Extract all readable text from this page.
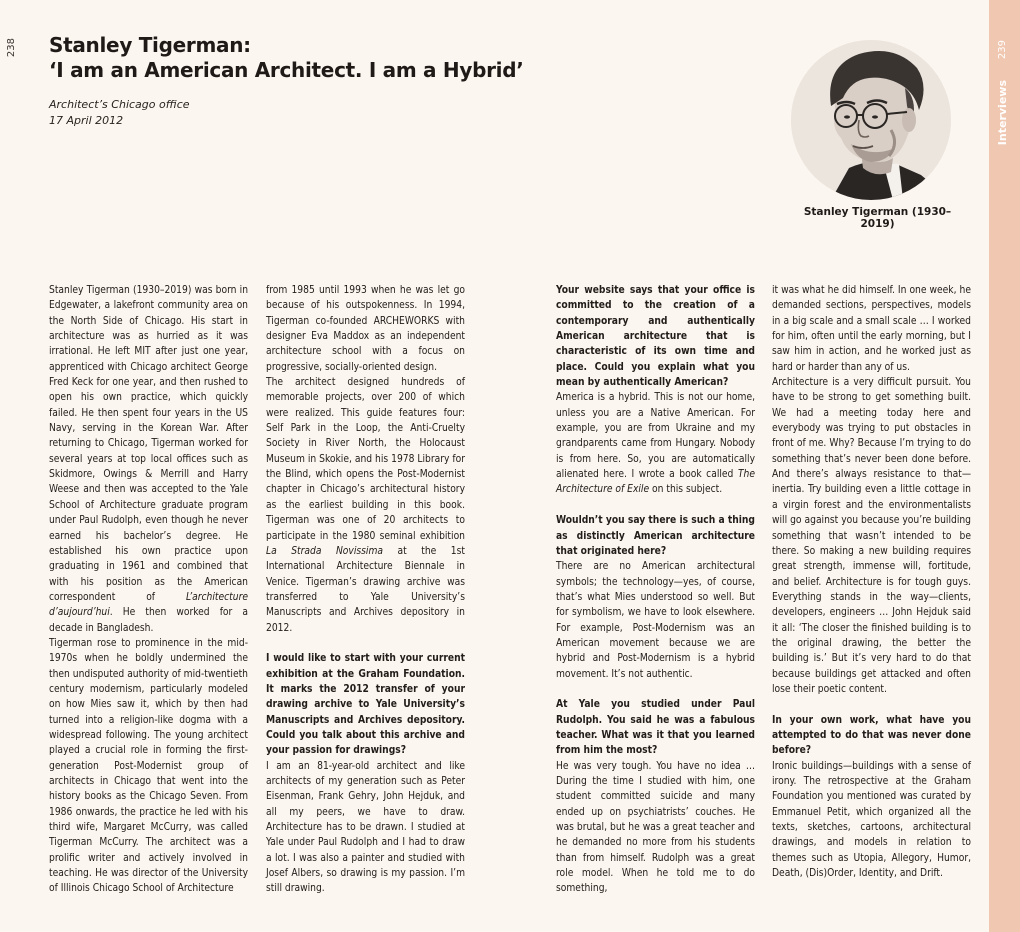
238	239
Interviews
Stanley Tigerman:
‘I am an American Architect. I am a Hybrid’
Architect’s Chicago office
17 April 2012
Stanley Tigerman (1930–2019)

Stanley Tigerman (1930–2019) was born in Edgewater, a lakefront community area on the North Side of Chicago. His start in architecture was as hurried as it was irrational. He left MIT after just one year, apprenticed with Chicago architect George Fred Keck for one year, and then rushed to open his own practice, which quickly failed. He then spent four years in the US Navy, serving in the Korean War. After returning to Chicago, Tigerman worked for several years at top local offices such as Skidmore, Owings & Merrill and Harry Weese and then was accepted to the Yale School of Architecture graduate program under Paul Rudolph, even though he never earned his bachelor’s degree. He established his own practice upon graduating in 1961 and combined that with his position as the American correspondent of	L’architecture d’aujourd’hui. He then worked for a decade in Bangladesh.

Tigerman rose to prominence in the mid-1970s when he boldly undermined the then undisputed authority of mid-twentieth century modernism, particularly modeled on how Mies saw it, which by then had turned into a religion-like dogma with a widespread following. The young architect played a crucial role in forming the first-generation Post-Modernist group of architects in Chicago that went into the history books as the Chicago Seven. From 1986 onwards, the practice he led with his third wife, Margaret McCurry, was called Tigerman McCurry. The architect was a prolific writer and actively involved in teaching. He was director of the University of Illinois Chicago School of Architecture

from 1985 until 1993 when he was let go because of his outspokenness. In 1994, Tigerman co-founded ARCHEWORKS with designer Eva Maddox as an independent architecture school with a focus on progressive, socially-oriented design.

The architect designed hundreds of memorable projects, over 200 of which were realized. This guide features four: Self Park in the Loop, the Anti-Cruelty Society in River North, the Holocaust Museum in Skokie, and his 1978 Library for the Blind, which opens the Post-Modernist chapter in Chicago’s architectural history as the earliest building in this book. Tigerman was one of 20 architects to participate in the 1980 seminal exhibition La Strada Novissima at the 1st International Architecture Biennale in Venice. Tigerman’s drawing archive was transferred to Yale University’s Manuscripts and Archives depository in 2012.

I would like to start with your current exhibition at the Graham Foundation. It marks the 2012 transfer of your drawing archive to Yale University’s Manuscripts and Archives depository. Could you talk about this archive and your passion for drawings?

I am an 81-year-old architect and like architects of my generation such as Peter Eisenman, Frank Gehry, John Hejduk, and all my peers, we have to draw. Architecture has to be drawn. I studied at Yale under Paul Rudolph and I had to draw a lot. I was also a painter and studied with Josef Albers, so drawing is my passion. I’m still drawing.

Your website says that your office is committed to the creation of a contemporary and authentically American architecture that is characteristic of its own time and place. Could you explain what you mean by authentically American?

America is a hybrid. This is not our home, unless you are a Native American. For example, you are from Ukraine and my grandparents came from Hungary. Nobody is from here. So, you are automatically alienated here. I wrote a book called The Architecture of Exile on this subject.

Wouldn’t you say there is such a thing as distinctly American architecture that originated here?

There are no American architectural symbols; the technology—yes, of course, that’s what Mies understood so well. But for symbolism, we have to look elsewhere. For example, Post-Modernism was an American movement because we are hybrid and Post-Modernism is a hybrid movement. It’s not authentic.

At Yale you studied under Paul Rudolph. You said he was a fabulous teacher. What was it that you learned from him the most?

He was very tough. You have no idea … During the time I studied with him, one student committed suicide and many ended up on psychiatrists’ couches. He was brutal, but he was a great teacher and he demanded no more from his students than from himself. Rudolph was a great role model. When he told me to do something,

it was what he did himself. In one week, he demanded sections, perspectives, models in a big scale and a small scale … I worked for him, often until the early morning, but I saw him in action, and he worked just as hard or harder than any of us.

Architecture is a very difficult pursuit. You have to be strong to get something built. We had a meeting today here and everybody was trying to put obstacles in front of me. Why? Because I’m trying to do something that’s never been done before. And there’s always resistance to that—inertia. Try building even a little cottage in a virgin forest and the environmentalists will go against you because you’re building something that wasn’t intended to be there. So making a new building requires great strength, immense will, fortitude, and belief. Architecture is for tough guys. Everything stands in the way—clients, developers, engineers … John Hejduk said it all: ‘The closer the finished building is to the original drawing, the better the building is.’ But it’s very hard to do that because buildings get attacked and often lose their poetic content.

In your own work, what have you attempted to do that was never done before?

Ironic buildings—buildings with a sense of irony. The retrospective at the Graham Foundation you mentioned was curated by Emmanuel Petit, which organized all the texts, sketches, cartoons, architectural drawings, and models in relation to themes such as Utopia, Allegory, Humor, Death, (Dis)Order, Identity, and Drift.
